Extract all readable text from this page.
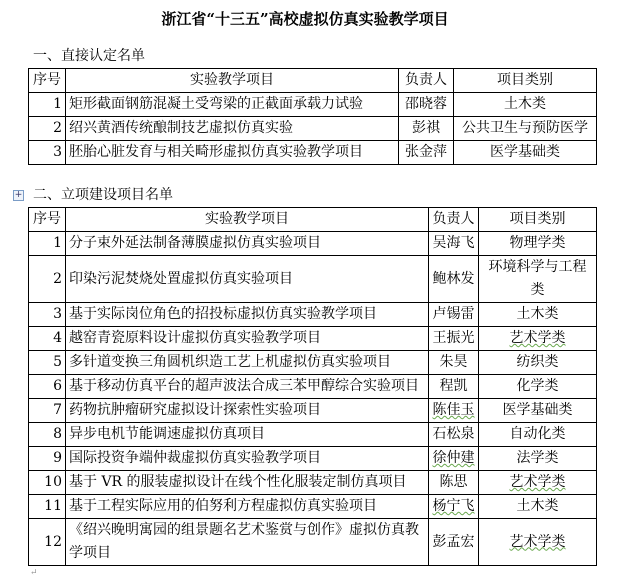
浙江省“十三五”高校虚拟仿真实验教学项目
一、直接认定名单
序号	实验教学项目	负责人	项目类别
1	矩形截面钢筋混凝土受弯梁的正截面承载力试验	邵晓蓉	土木类
2	绍兴黄酒传统酿制技艺虚拟仿真实验	彭祺	公共卫生与预防医学
3	胚胎心脏发育与相关畸形虚拟仿真实验教学项目	张金萍	医学基础类
+ 二、立项建设项目名单
序号	实验教学项目	负责人	项目类别
1	分子束外延法制备薄膜虚拟仿真实验项目	吴海飞	物理学类
2	印染污泥焚烧处置虚拟仿真实验项目	鲍林发	环境科学与工程类
3	基于实际岗位角色的招投标虚拟仿真实验教学项目	卢锡雷	土木类
4	越窑青瓷原料设计虚拟仿真实验教学项目	王振光	艺术学类
5	多针道变换三角圆机织造工艺上机虚拟仿真实验项目	朱昊	纺织类
6	基于移动仿真平台的超声波法合成三苯甲醇综合实验项目	程凯	化学类
7	药物抗肿瘤研究虚拟设计探索性实验项目	陈佳玉	医学基础类
8	异步电机节能调速虚拟仿真项目	石松泉	自动化类
9	国际投资争端仲裁虚拟仿真实验教学项目	徐仲建	法学类
10	基于 VR 的服装虚拟设计在线个性化服装定制仿真项目	陈思	艺术学类
11	基于工程实际应用的伯努利方程虚拟仿真实验项目	杨宁飞	土木类
12	《绍兴晚明寓园的组景题名艺术鉴赏与创作》虚拟仿真教学项目	彭孟宏	艺术学类
↵
